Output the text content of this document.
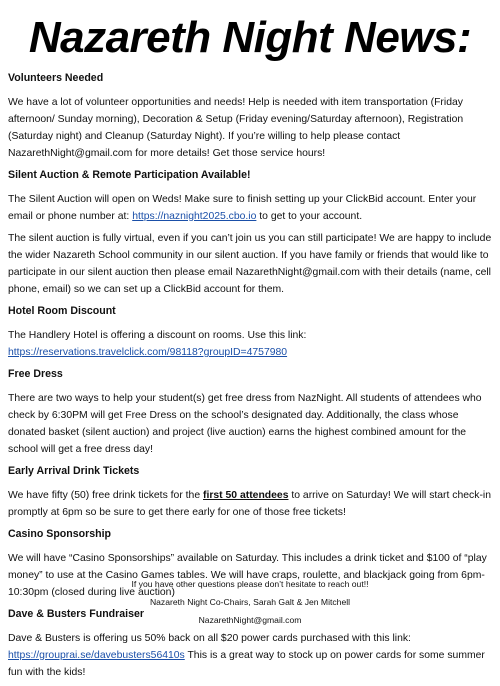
Nazareth Night News:
Volunteers Needed
We have a lot of volunteer opportunities and needs! Help is needed with item transportation (Friday afternoon/ Sunday morning), Decoration & Setup (Friday evening/Saturday afternoon), Registration (Saturday night) and Cleanup (Saturday Night). If you’re willing to help please contact NazarethNight@gmail.com for more details! Get those service hours!
Silent Auction & Remote Participation Available!
The Silent Auction will open on Weds! Make sure to finish setting up your ClickBid account. Enter your email or phone number at: https://naznight2025.cbo.io to get to your account.
The silent auction is fully virtual, even if you can’t join us you can still participate! We are happy to include the wider Nazareth School community in our silent auction. If you have family or friends that would like to participate in our silent auction then please email NazarethNight@gmail.com with their details (name, cell phone, email) so we can set up a ClickBid account for them.
Hotel Room Discount
The Handlery Hotel is offering a discount on rooms. Use this link: https://reservations.travelclick.com/98118?groupID=4757980
Free Dress
There are two ways to help your student(s) get free dress from NazNight. All students of attendees who check by 6:30PM will get Free Dress on the school’s designated day. Additionally, the class whose donated basket (silent auction) and project (live auction) earns the highest combined amount for the school will get a free dress day!
Early Arrival Drink Tickets
We have fifty (50) free drink tickets for the first 50 attendees to arrive on Saturday! We will start check-in promptly at 6pm so be sure to get there early for one of those free tickets!
Casino Sponsorship
We will have “Casino Sponsorships” available on Saturday. This includes a drink ticket and $100 of “play money” to use at the Casino Games tables. We will have craps, roulette, and blackjack going from 6pm-10:30pm (closed during live auction)
Dave & Busters Fundraiser
Dave & Busters is offering us 50% back on all $20 power cards purchased with this link: https://grouprai.se/davebusters56410s This is a great way to stock up on power cards for some summer fun with the kids!
If you have other questions please don’t hesitate to reach out!!
Nazareth Night Co-Chairs, Sarah Galt & Jen Mitchell
NazarethNight@gmail.com
